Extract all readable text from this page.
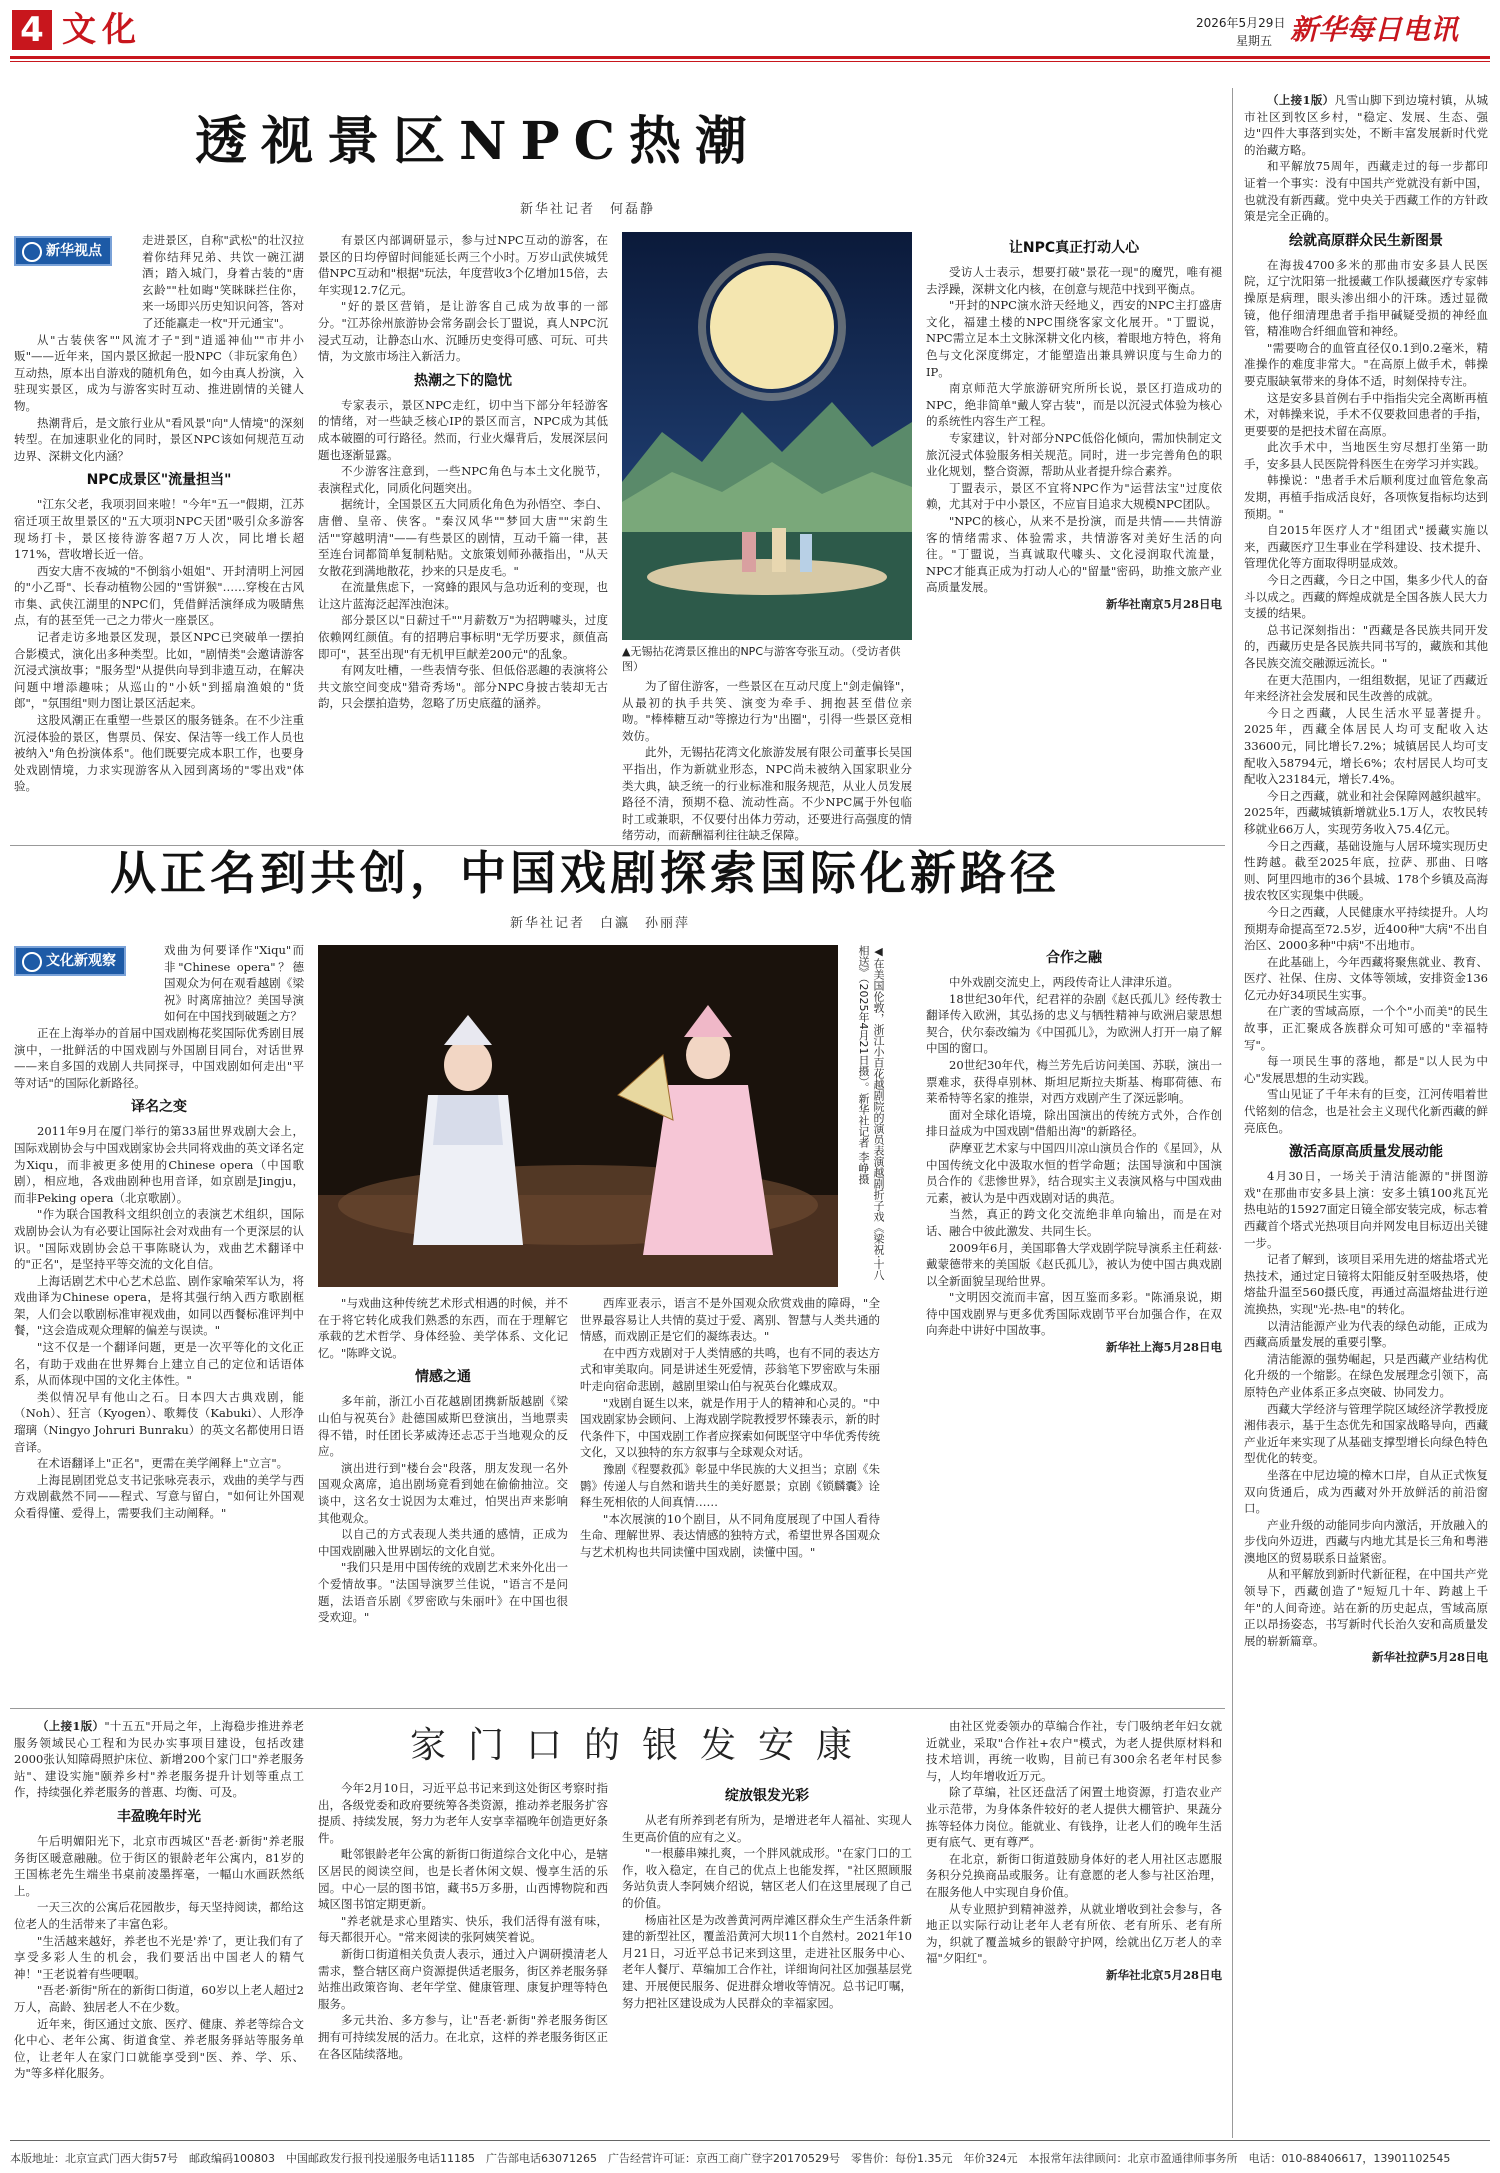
4 文化	2026年5月29日
星期五 新华每日电讯
透视景区NPC热潮
新华社记者　何磊静
新华视点

走进景区，自称"武松"的壮汉拉着你结拜兄弟、共饮一碗江湖酒；踏入城门，身着古装的"唐玄龄""杜如晦"笑眯眯拦住你，来一场即兴历史知识问答，答对了还能赢走一枚"开元通宝"。

从"古装侠客""风流才子"到"逍遥神仙""市井小贩"——近年来，国内景区掀起一股NPC（非玩家角色）互动热，原本出自游戏的随机角色，如今由真人扮演，入驻现实景区，成为与游客实时互动、推进剧情的关键人物。

热潮背后，是文旅行业从"看风景"向"人情境"的深刻转型。在加速职业化的同时，景区NPC该如何规范互动边界、深耕文化内涵？

NPC成景区"流量担当"

"江东父老，我项羽回来啦！"今年"五一"假期，江苏宿迁项王故里景区的"五大项羽NPC天团"吸引众多游客现场打卡，景区接待游客超7万人次，同比增长超171%，营收增长近一倍。

西安大唐不夜城的"不倒翁小姐姐"、开封清明上河园的"小乙哥"、长春动植物公园的"雪饼猴"……穿梭在古风市集、武侠江湖里的NPC们，凭借鲜活演绎成为吸睛焦点，有的甚至凭一己之力带火一座景区。

记者走访多地景区发现，景区NPC已突破单一摆拍合影模式，演化出多种类型。比如，"剧情类"会邀请游客沉浸式演故事；"服务型"从提供向导到非遗互动，在解决问题中增添趣味；从巡山的"小妖"到摇扇渔娘的"货郎"，"氛围组"则力图让景区活起来。

这股风潮正在重塑一些景区的服务链条。在不少注重沉浸体验的景区，售票员、保安、保洁等一线工作人员也被纳入"角色扮演体系"。他们既要完成本职工作，也要身处戏剧情境，力求实现游客从入园到离场的"零出戏"体验。

有景区内部调研显示，参与过NPC互动的游客，在景区的日均停留时间能延长两三个小时。万岁山武侠城凭借NPC互动和"根据"玩法，年度营收3个亿增加15倍，去年实现12.7亿元。

"好的景区营销，是让游客自己成为故事的一部分。"江苏徐州旅游协会常务副会长丁盟说，真人NPC沉浸式互动，让静态山水、沉睡历史变得可感、可玩、可共情，为文旅市场注入新活力。

热潮之下的隐忧

专家表示，景区NPC走红，切中当下部分年轻游客的情绪，对一些缺乏核心IP的景区而言，NPC成为其低成本破圈的可行路径。然而，行业火爆背后，发展深层问题也逐渐显露。

不少游客注意到，一些NPC角色与本土文化脱节，表演程式化，同质化问题突出。

据统计，全国景区五大同质化角色为孙悟空、李白、唐僧、皇帝、侠客。"秦汉风华""梦回大唐""宋韵生活""穿越明清"——有些景区的剧情，互动千篇一律，甚至连台词都简单复制粘贴。文旅策划师孙薇指出，"从天女散花到满地散花，抄来的只是皮毛。"

在流量焦虑下，一窝蜂的跟风与急功近利的变现，也让这片蓝海泛起浑浊泡沫。

部分景区以"日薪过千""月薪数万"为招聘噱头，过度依赖网红颜值。有的招聘启事标明"无学历要求，颜值高即可"，甚至出现"有无机甲巨献差200元"的乱象。

有网友吐槽，一些表情夸张、但低俗恶趣的表演将公共文旅空间变成"猎奇秀场"。部分NPC身披古装却无古韵，只会摆拍造势，忽略了历史底蕴的涵养。

▲无锡拈花湾景区推出的NPC与游客夸张互动。（受访者供图）

为了留住游客，一些景区在互动尺度上"剑走偏锋"，从最初的执手共笑、演变为牵手、拥抱甚至借位亲吻。"棒棒糖互动"等擦边行为"出圈"，引得一些景区竞相效仿。

此外，无锡拈花湾文化旅游发展有限公司董事长吴国平指出，作为新就业形态，NPC尚未被纳入国家职业分类大典，缺乏统一的行业标准和服务规范，从业人员发展路径不清，预期不稳、流动性高。不少NPC属于外包临时工或兼职，不仅要付出体力劳动，还要进行高强度的情绪劳动，而薪酬福利往往缺乏保障。

让NPC真正打动人心

受访人士表示，想要打破"景花一现"的魔咒，唯有褪去浮躁，深耕文化内核，在创意与规范中找到平衡点。

"开封的NPC演水浒天经地义，西安的NPC主打盛唐文化，福建土楼的NPC围绕客家文化展开。"丁盟说，NPC需立足本土文脉深耕文化内核，着眼地方特色，将角色与文化深度绑定，才能塑造出兼具辨识度与生命力的IP。

南京师范大学旅游研究所所长说，景区打造成功的NPC，绝非简单"戴人穿古装"，而是以沉浸式体验为核心的系统性内容生产工程。

专家建议，针对部分NPC低俗化倾向，需加快制定文旅沉浸式体验服务相关规范。同时，进一步完善角色的职业化规划，整合资源，帮助从业者提升综合素养。

丁盟表示，景区不宜将NPC作为"运营法宝"过度依赖，尤其对于中小景区，不应盲目追求大规模NPC团队。

"NPC的核心，从来不是扮演，而是共情——共情游客的情绪需求、体验需求，共情游客对美好生活的向往。"丁盟说，当真诚取代噱头、文化浸润取代流量，NPC才能真正成为打动人心的"留量"密码，助推文旅产业高质量发展。

新华社南京5月28日电

从正名到共创，中国戏剧探索国际化新路径
新华社记者　白瀛　孙丽萍
文化新观察

戏曲为何要译作"Xiqu"而非"Chinese opera"？德国观众为何在观看越剧《梁祝》时离席抽泣？美国导演如何在中国找到破题之方？

正在上海举办的首届中国戏剧梅花奖国际优秀剧目展演中，一批鲜活的中国戏剧与外国剧目同台，对话世界——来自多国的戏剧人共同探寻，中国戏剧如何走出"平等对话"的国际化新路径。

译名之变

2011年9月在厦门举行的第33届世界戏剧大会上，国际戏剧协会与中国戏剧家协会共同将戏曲的英文译名定为Xiqu，而非被更多使用的Chinese opera（中国歌剧），相应地，各戏曲剧种也用音译，如京剧是Jingju，而非Peking opera（北京歌剧）。

"作为联合国教科文组织创立的表演艺术组织，国际戏剧协会认为有必要让国际社会对戏曲有一个更深层的认识。"国际戏剧协会总干事陈晓认为，戏曲艺术翻译中的"正名"，是坚持平等交流的文化自信。

上海话剧艺术中心艺术总监、剧作家喻荣军认为，将戏曲译为Chinese opera，是将其强行纳入西方歌剧框架，人们会以歌剧标准审视戏曲，如同以西餐标准评判中餐，"这会造成观众理解的偏差与误读。"

"这不仅是一个翻译问题，更是一次平等化的文化正名，有助于戏曲在世界舞台上建立自己的定位和话语体系，从而体现中国的文化主体性。"

类似情况早有他山之石。日本四大古典戏剧，能（Noh）、狂言（Kyogen）、歌舞伎（Kabuki）、人形净瑠璃（Ningyo Johruri Bunraku）的英文名都使用日语音译。

在术语翻译上"正名"，更需在美学阐释上"立言"。

上海昆剧团党总支书记张咏亮表示，戏曲的美学与西方戏剧截然不同——程式、写意与留白，"如何让外国观众看得懂、爱得上，需要我们主动阐释。"

◀在美国伦敦，浙江小百花越剧院的演员表演越剧折子戏《梁祝·十八相送》（2025年4月21日摄）。新华社记者 李峥摄

"与戏曲这种传统艺术形式相遇的时候，并不在于将它转化成我们熟悉的东西，而在于理解它承载的艺术哲学、身体经验、美学体系、文化记忆。"陈晔文说。

情感之通

多年前，浙江小百花越剧团携新版越剧《梁山伯与祝英台》赴德国威斯巴登演出，当地票卖得不错，时任团长茅威涛还忐忑于当地观众的反应。

演出进行到"楼台会"段落，朋友发现一名外国观众离席，追出剧场竟看到她在偷偷抽泣。交谈中，这名女士说因为太难过，怕哭出声来影响其他观众。

以自己的方式表现人类共通的感情，正成为中国戏剧融入世界剧坛的文化自觉。

"我们只是用中国传统的戏剧艺术来外化出一个爱情故事。"法国导演罗兰佳说，"语言不是问题，法语音乐剧《罗密欧与朱丽叶》在中国也很受欢迎。"

西库亚表示，语言不是外国观众欣赏戏曲的障碍，"全世界最容易让人共情的莫过于爱、离别、智慧与人类共通的情感，而戏剧正是它们的凝练表达。"

在中西方戏剧对于人类情感的共鸣，也有不同的表达方式和审美取向。同是讲述生死爱情，莎翁笔下罗密欧与朱丽叶走向宿命悲剧，越剧里梁山伯与祝英台化蝶成双。

"戏剧自诞生以来，就是作用于人的精神和心灵的。"中国戏剧家协会顾问、上海戏剧学院教授罗怀臻表示，新的时代条件下，中国戏剧工作者应探索如何既坚守中华优秀传统文化，又以独特的东方叙事与全球观众对话。

豫剧《程婴救孤》彰显中华民族的大义担当；京剧《朱鹮》传递人与自然和谐共生的美好愿景；京剧《锁麟囊》诠释生死相依的人间真情……

"本次展演的10个剧目，从不同角度展现了中国人看待生命、理解世界、表达情感的独特方式，希望世界各国观众与艺术机构也共同读懂中国戏剧，读懂中国。"

合作之融

中外戏剧交流史上，两段传奇让人津津乐道。

18世纪30年代，纪君祥的杂剧《赵氏孤儿》经传教士翻译传入欧洲，其弘扬的忠义与牺牲精神与欧洲启蒙思想契合，伏尔泰改编为《中国孤儿》，为欧洲人打开一扇了解中国的窗口。

20世纪30年代，梅兰芳先后访问美国、苏联，演出一票难求，获得卓别林、斯坦尼斯拉夫斯基、梅耶荷德、布莱希特等名家的推崇，对西方戏剧产生了深远影响。

面对全球化语境，除出国演出的传统方式外，合作创排日益成为中国戏剧"借船出海"的新路径。

萨摩亚艺术家与中国四川凉山演员合作的《星回》，从中国传统文化中汲取水恒的哲学命题；法国导演和中国演员合作的《悲惨世界》，结合现实主义表演风格与中国戏曲元素，被认为是中西戏剧对话的典范。

当然，真正的跨文化交流绝非单向输出，而是在对话、融合中彼此激发、共同生长。

2009年6月，美国耶鲁大学戏剧学院导演系主任莉兹·戴蒙德带来的美国版《赵氏孤儿》，被认为使中国古典戏剧以全新面貌呈现给世界。

"文明因交流而丰富，因互鉴而多彩。"陈涌泉说，期待中国戏剧界与更多优秀国际戏剧节平台加强合作，在双向奔赴中讲好中国故事。

新华社上海5月28日电

家门口的银发安康

（上接1版）"十五五"开局之年，上海稳步推进养老服务领域民心工程和为民办实事项目建设，包括改建2000张认知障碍照护床位、新增200个家门口"养老服务站"、建设实施"颐养乡村"养老服务提升计划等重点工作，持续强化养老服务的普惠、均衡、可及。

丰盈晚年时光

午后明媚阳光下，北京市西城区"吾老·新街"养老服务街区暖意融融。位于街区的银龄老年公寓内，81岁的王国栋老先生端坐书桌前凌墨挥毫，一幅山水画跃然纸上。

一天三次的公寓后花园散步，每天坚持阅读，都给这位老人的生活带来了丰富色彩。

"生活越来越好，养老也不光是'养'了，更让我们有了享受多彩人生的机会，我们要活出中国老人的精气神！"王老说着有些哽咽。

"吾老·新街"所在的新街口街道，60岁以上老人超过2万人，高龄、独居老人不在少数。

近年来，街区通过文旅、医疗、健康、养老等综合文化中心、老年公寓、街道食堂、养老服务驿站等服务单位，让老年人在家门口就能享受到"医、养、学、乐、为"等多样化服务。

今年2月10日，习近平总书记来到这处街区考察时指出，各级党委和政府要统筹各类资源，推动养老服务扩容提质、持续发展，努力为老年人安享幸福晚年创造更好条件。

毗邻银龄老年公寓的新街口街道综合文化中心，是辖区居民的阅读空间，也是长者休闲文娱、慢享生活的乐园。中心一层的图书馆，藏书5万多册，山西博物院和西城区图书馆定期更新。

"养老就是求心里踏实、快乐，我们活得有滋有味，每天都很开心。"常来阅读的张阿姨笑着说。

新街口街道相关负责人表示，通过入户调研摸清老人需求，整合辖区商户资源提供适老服务，街区养老服务驿站推出政策咨询、老年学堂、健康管理、康复护理等特色服务。

多元共治、多方参与，让"吾老·新街"养老服务街区拥有可持续发展的活力。在北京，这样的养老服务街区正在各区陆续落地。

绽放银发光彩

从老有所养到老有所为，是增进老年人福祉、实现人生更高价值的应有之义。

"一根藤串辣扎爽，一个胖风就成形。"在家门口的工作，收入稳定，在自己的优点上也能发挥，"社区照顾服务站负责人李阿姨介绍说，辖区老人们在这里展现了自己的价值。

杨庙社区是为改善黄河两岸滩区群众生产生活条件新建的新型社区，覆盖沿黄河大坝11个自然村。2021年10月21日，习近平总书记来到这里，走进社区服务中心、老年人餐厅、草编加工合作社，详细询问社区加强基层党建、开展便民服务、促进群众增收等情况。总书记叮嘱，努力把社区建设成为人民群众的幸福家园。

由社区党委领办的草编合作社，专门吸纳老年妇女就近就业，采取"合作社+农户"模式，为老人提供原材料和技术培训，再统一收购，目前已有300余名老年村民参与，人均年增收近万元。

除了草编，社区还盘活了闲置土地资源，打造农业产业示范带，为身体条件较好的老人提供大棚管护、果蔬分拣等轻体力岗位。能就业、有钱挣，让老人们的晚年生活更有底气、更有尊严。

在北京，新街口街道鼓励身体好的老人用社区志愿服务积分兑换商品或服务。让有意愿的老人参与社区治理，在服务他人中实现自身价值。

从专业照护到精神滋养，从就业增收到社会参与，各地正以实际行动让老年人老有所依、老有所乐、老有所为，织就了覆盖城乡的银龄守护网，绘就出亿万老人的幸福"夕阳红"。

新华社北京5月28日电

（上接1版）凡雪山脚下到边境村镇，从城市社区到牧区乡村，"稳定、发展、生态、强边"四件大事落到实处，不断丰富发展新时代党的治藏方略。

和平解放75周年，西藏走过的每一步都印证着一个事实：没有中国共产党就没有新中国，也就没有新西藏。党中央关于西藏工作的方针政策是完全正确的。

绘就高原群众民生新图景

在海拔4700多米的那曲市安多县人民医院，辽宁沈阳第一批援藏工作队援藏医疗专家韩操原是病理，眼头渗出细小的汗珠。透过显微镜，他仔细清理患者手指甲碱疑受损的神经血管，精准吻合纤细血管和神经。

"需要吻合的血管直径仅0.1到0.2毫米，精准操作的难度非常大。"在高原上做手术，韩操要克服缺氧带来的身体不适，时刻保持专注。

这是安多县首例右手中指指尖完全离断再植术，对韩操来说，手术不仅要救回患者的手指，更要要的是把技术留在高原。

此次手术中，当地医生穷尽想打坐第一助手，安多县人民医院骨科医生在旁学习并实践。

韩操说："患者手术后顺利度过血管危象高发期，再植手指成活良好，各项恢复指标均达到预期。"

自2015年医疗人才"组团式"援藏实施以来，西藏医疗卫生事业在学科建设、技术提升、管理优化等方面取得明显成效。

今日之西藏，今日之中国，集多少代人的奋斗以成之。西藏的辉煌成就是全国各族人民大力支援的结果。

总书记深刻指出："西藏是各民族共同开发的，西藏历史是各民族共同书写的，藏族和其他各民族交流交融源远流长。"

在更大范围内，一组组数据，见证了西藏近年来经济社会发展和民生改善的成就。

今日之西藏，人民生活水平显著提升。2025年，西藏全体居民人均可支配收入达33600元，同比增长7.2%；城镇居民人均可支配收入58794元，增长6%；农村居民人均可支配收入23184元，增长7.4%。

今日之西藏，就业和社会保障网越织越牢。2025年，西藏城镇新增就业5.1万人，农牧民转移就业66万人，实现劳务收入75.4亿元。

今日之西藏，基础设施与人居环境实现历史性跨越。截至2025年底，拉萨、那曲、日喀则、阿里四地市的36个县城、178个乡镇及高海拔农牧区实现集中供暖。

今日之西藏，人民健康水平持续提升。人均预期寿命提高至72.5岁，近400种"大病"不出自治区、2000多种"中病"不出地市。

在此基础上，今年西藏将聚焦就业、教育、医疗、社保、住房、文体等领域，安排资金136亿元办好34项民生实事。

在广袤的雪域高原，一个个"小而美"的民生故事，正汇聚成各族群众可知可感的"幸福特写"。

每一项民生事的落地，都是"以人民为中心"发展思想的生动实践。

雪山见证了千年未有的巨变，江河传唱着世代铭刻的信念，也是社会主义现代化新西藏的鲜亮底色。

激活高原高质量发展动能

4月30日，一场关于清洁能源的"拼图游戏"在那曲市安多县上演：安多土镇100兆瓦光热电站的15927面定日镜全部安装完成，标志着西藏首个塔式光热项目向并网发电目标迈出关键一步。

记者了解到，该项目采用先进的熔盐塔式光热技术，通过定日镜将太阳能反射至吸热塔，使熔盐升温至560摄氏度，再通过高温熔盐进行逆流换热，实现"光-热-电"的转化。

以清洁能源产业为代表的绿色动能，正成为西藏高质量发展的重要引擎。

清洁能源的强势崛起，只是西藏产业结构优化升级的一个缩影。在绿色发展理念引领下，高原特色产业体系正多点突破、协同发力。

西藏大学经济与管理学院区域经济学教授庞湘伟表示，基于生态优先和国家战略导向，西藏产业近年来实现了从基础支撑型增长向绿色特色型优化的转变。

坐落在中尼边境的樟木口岸，自从正式恢复双向货通后，成为西藏对外开放鲜活的前沿窗口。

产业升级的动能同步向内激活，开放融入的步伐向外迈进，西藏与内地尤其是长三角和粤港澳地区的贸易联系日益紧密。

从和平解放到新时代新征程，在中国共产党领导下，西藏创造了"短短几十年、跨越上千年"的人间奇迹。站在新的历史起点，雪域高原正以昂扬姿态，书写新时代长治久安和高质量发展的崭新篇章。

新华社拉萨5月28日电

本版地址：北京宣武门西大街57号　邮政编码100803　中国邮政发行报刊投递服务电话11185　广告部电话63071265　广告经营许可证：京西工商广登字20170529号　零售价：每份1.35元　年价324元　本报常年法律顾问：北京市盈通律师事务所　电话：010-88406617，13901102545
